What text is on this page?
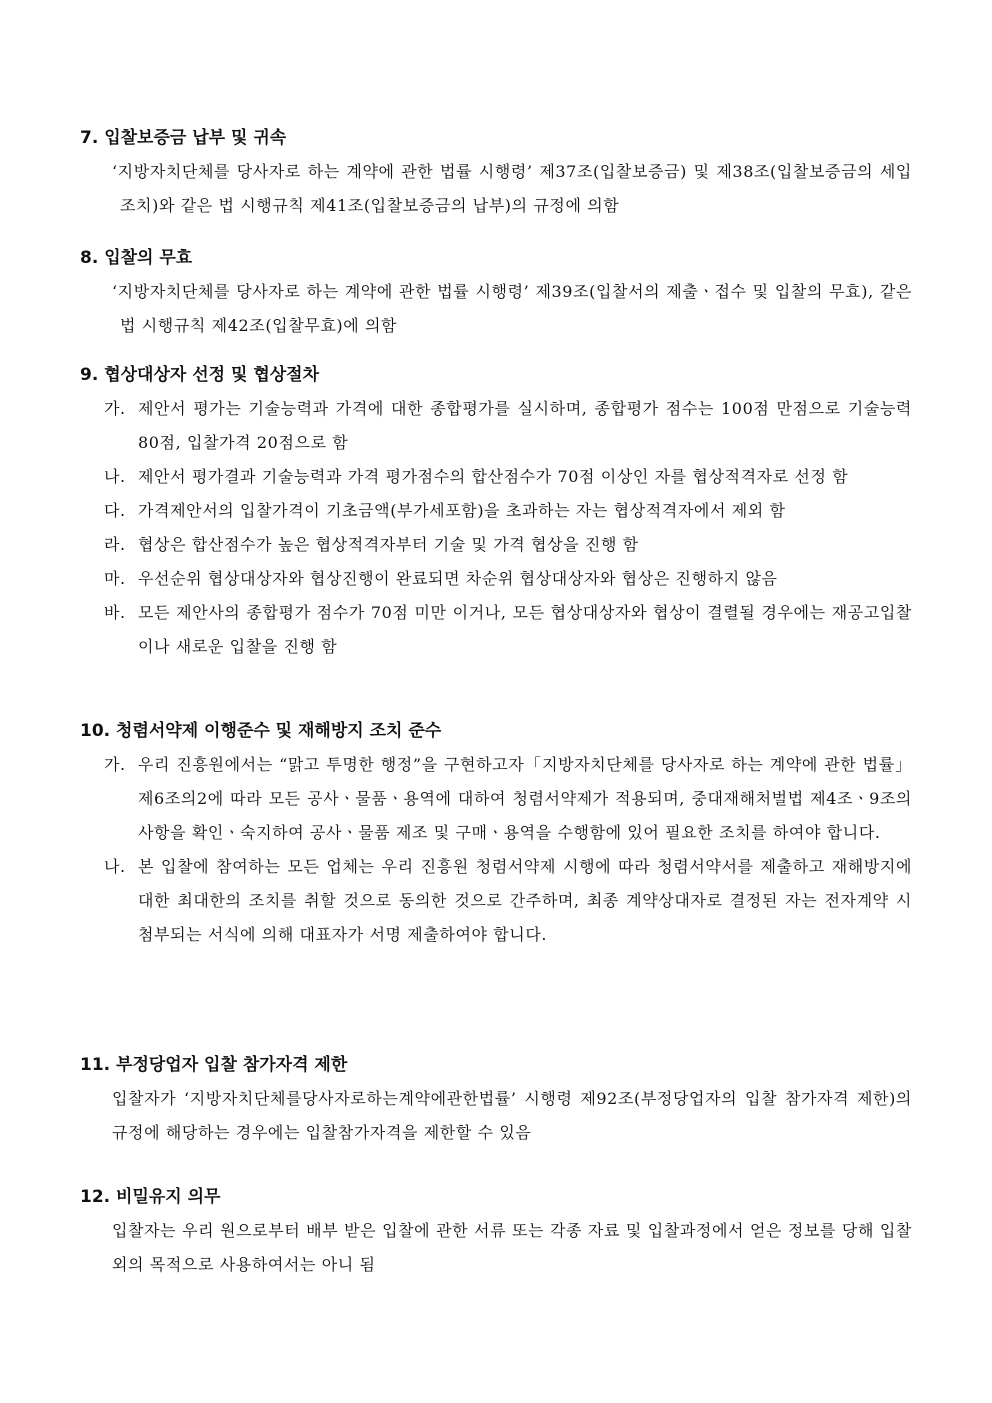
7. 입찰보증금 납부 및 귀속
‘지방자치단체를 당사자로 하는 계약에 관한 법률 시행령’ 제37조(입찰보증금) 및 제38조(입찰보증금의 세입조치)와 같은 법 시행규칙 제41조(입찰보증금의 납부)의 규정에 의함
8. 입찰의 무효
‘지방자치단체를 당사자로 하는 계약에 관한 법률 시행령’ 제39조(입찰서의 제출ㆍ접수 및 입찰의 무효), 같은 법 시행규칙 제42조(입찰무효)에 의함
9. 협상대상자 선정 및 협상절차
가. 제안서 평가는 기술능력과 가격에 대한 종합평가를 실시하며, 종합평가 점수는 100점 만점으로 기술능력 80점, 입찰가격 20점으로 함
나. 제안서 평가결과 기술능력과 가격 평가점수의 합산점수가 70점 이상인 자를 협상적격자로 선정 함
다. 가격제안서의 입찰가격이 기초금액(부가세포함)을 초과하는 자는 협상적격자에서 제외 함
라. 협상은 합산점수가 높은 협상적격자부터 기술 및 가격 협상을 진행 함
마. 우선순위 협상대상자와 협상진행이 완료되면 차순위 협상대상자와 협상은 진행하지 않음
바. 모든 제안사의 종합평가 점수가 70점 미만 이거나, 모든 협상대상자와 협상이 결렬될 경우에는 재공고입찰이나 새로운 입찰을 진행 함
10. 청렴서약제 이행준수 및 재해방지 조치 준수
가. 우리 진흥원에서는 “맑고 투명한 행정”을 구현하고자「지방자치단체를 당사자로 하는 계약에 관한 법률」 제6조의2에 따라 모든 공사ㆍ물품ㆍ용역에 대하여 청렴서약제가 적용되며, 중대재해처벌법 제4조ㆍ9조의 사항을 확인ㆍ숙지하여 공사ㆍ물품 제조 및 구매ㆍ용역을 수행함에 있어 필요한 조치를 하여야 합니다.
나. 본 입찰에 참여하는 모든 업체는 우리 진흥원 청렴서약제 시행에 따라 청렴서약서를 제출하고 재해방지에 대한 최대한의 조치를 취할 것으로 동의한 것으로 간주하며, 최종 계약상대자로 결정된 자는 전자계약 시 첨부되는 서식에 의해 대표자가 서명 제출하여야 합니다.
11. 부정당업자 입찰 참가자격 제한
입찰자가 ‘지방자치단체를당사자로하는계약에관한법률’ 시행령 제92조(부정당업자의 입찰 참가자격 제한)의 규정에 해당하는 경우에는 입찰참가자격을 제한할 수 있음
12. 비밀유지 의무
입찰자는 우리 원으로부터 배부 받은 입찰에 관한 서류 또는 각종 자료 및 입찰과정에서 얻은 정보를 당해 입찰 외의 목적으로 사용하여서는 아니 됨
